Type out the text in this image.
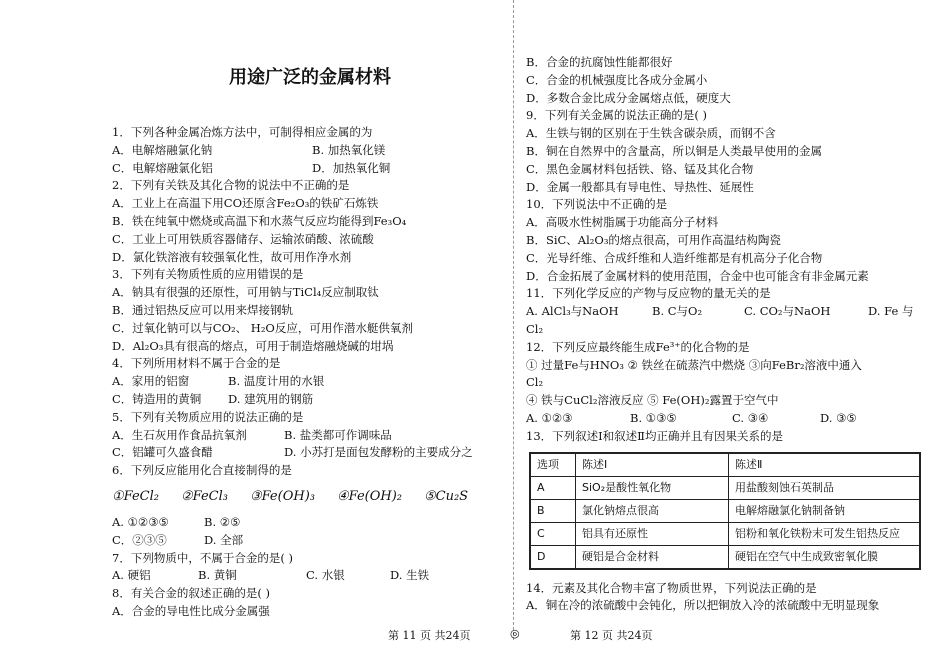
用途广泛的金属材料
1．下列各种金属冶炼方法中，可制得相应金属的为
A．电解熔融氯化钠	B. 加热氧化镁
C．电解熔融氯化铝	D．加热氧化铜
2．下列有关铁及其化合物的说法中不正确的是
A．工业上在高温下用CO还原含Fe₂O₃的铁矿石炼铁
B．铁在纯氧中燃烧或高温下和水蒸气反应均能得到Fe₃O₄
C．工业上可用铁质容器储存、运输浓硝酸、浓硫酸
D．氯化铁溶液有较强氧化性，故可用作净水剂
3．下列有关物质性质的应用错误的是
A．钠具有很强的还原性，可用钠与TiCl₄反应制取钛
B．通过铝热反应可以用来焊接钢轨
C．过氧化钠可以与CO₂、 H₂O反应，可用作潜水艇供氧剂
D．Al₂O₃具有很高的熔点，可用于制造熔融烧碱的坩埚
4．下列所用材料不属于合金的是
A．家用的铝窗	B. 温度计用的水银
C．铸造用的黄铜	D. 建筑用的钢筋
5．下列有关物质应用的说法正确的是
A．生石灰用作食品抗氧剂	B. 盐类都可作调味品
C．铝罐可久盛食醋	D. 小苏打是面包发酵粉的主要成分之
6．下列反应能用化合直接制得的是
①FeCl₂ ②FeCl₃ ③Fe(OH)₃ ④Fe(OH)₂ ⑤Cu₂S
A. ①②③⑤	B. ②⑤
C．②③⑤	D. 全部
7．下列物质中，不属于合金的是( )
A. 硬铝	B. 黄铜	C. 水银	D. 生铁
8．有关合金的叙述正确的是( )
A．合金的导电性比成分金属强
B．合金的抗腐蚀性能都很好
C．合金的机械强度比各成分金属小
D．多数合金比成分金属熔点低，硬度大
9．下列有关金属的说法正确的是( )
A．生铁与钢的区别在于生铁含碳杂质，而钢不含
B．铜在自然界中的含量高，所以铜是人类最早使用的金属
C．黑色金属材料包括铁、铬、锰及其化合物
D．金属一般都具有导电性、导热性、延展性
10．下列说法中不正确的是
A．高吸水性树脂属于功能高分子材料
B．SiC、Al₂O₃的熔点很高，可用作高温结构陶瓷
C．光导纤维、合成纤维和人造纤维都是有机高分子化合物
D．合金拓展了金属材料的使用范围，合金中也可能含有非金属元素
11．下列化学反应的产物与反应物的量无关的是
A. AlCl₃与NaOH	B. C与O₂	C. CO₂与NaOH	D. Fe 与
Cl₂
12．下列反应最终能生成Fe³⁺的化合物的是
① 过量Fe与HNO₃ ② 铁丝在硫蒸汽中燃烧 ③向FeBr₂溶液中通入
Cl₂
④ 铁与CuCl₂溶液反应 ⑤ Fe(OH)₂露置于空气中
A. ①②③	B. ①③⑤	C. ③④	D. ③⑤
13．下列叙述Ⅰ和叙述Ⅱ均正确并且有因果关系的是
选项	陈述Ⅰ	陈述Ⅱ
A	SiO₂是酸性氧化物	用盐酸刻蚀石英制品
B	氯化钠熔点很高	电解熔融氯化钠制备钠
C	铝具有还原性	铝粉和氧化铁粉末可发生铝热反应
D	硬铝是合金材料	硬铝在空气中生成致密氧化膜
14．元素及其化合物丰富了物质世界，下列说法正确的是
A．铜在冷的浓硫酸中会钝化，所以把铜放入冷的浓硫酸中无明显现象
第 11 页 共24页	◎	第 12 页 共24页
